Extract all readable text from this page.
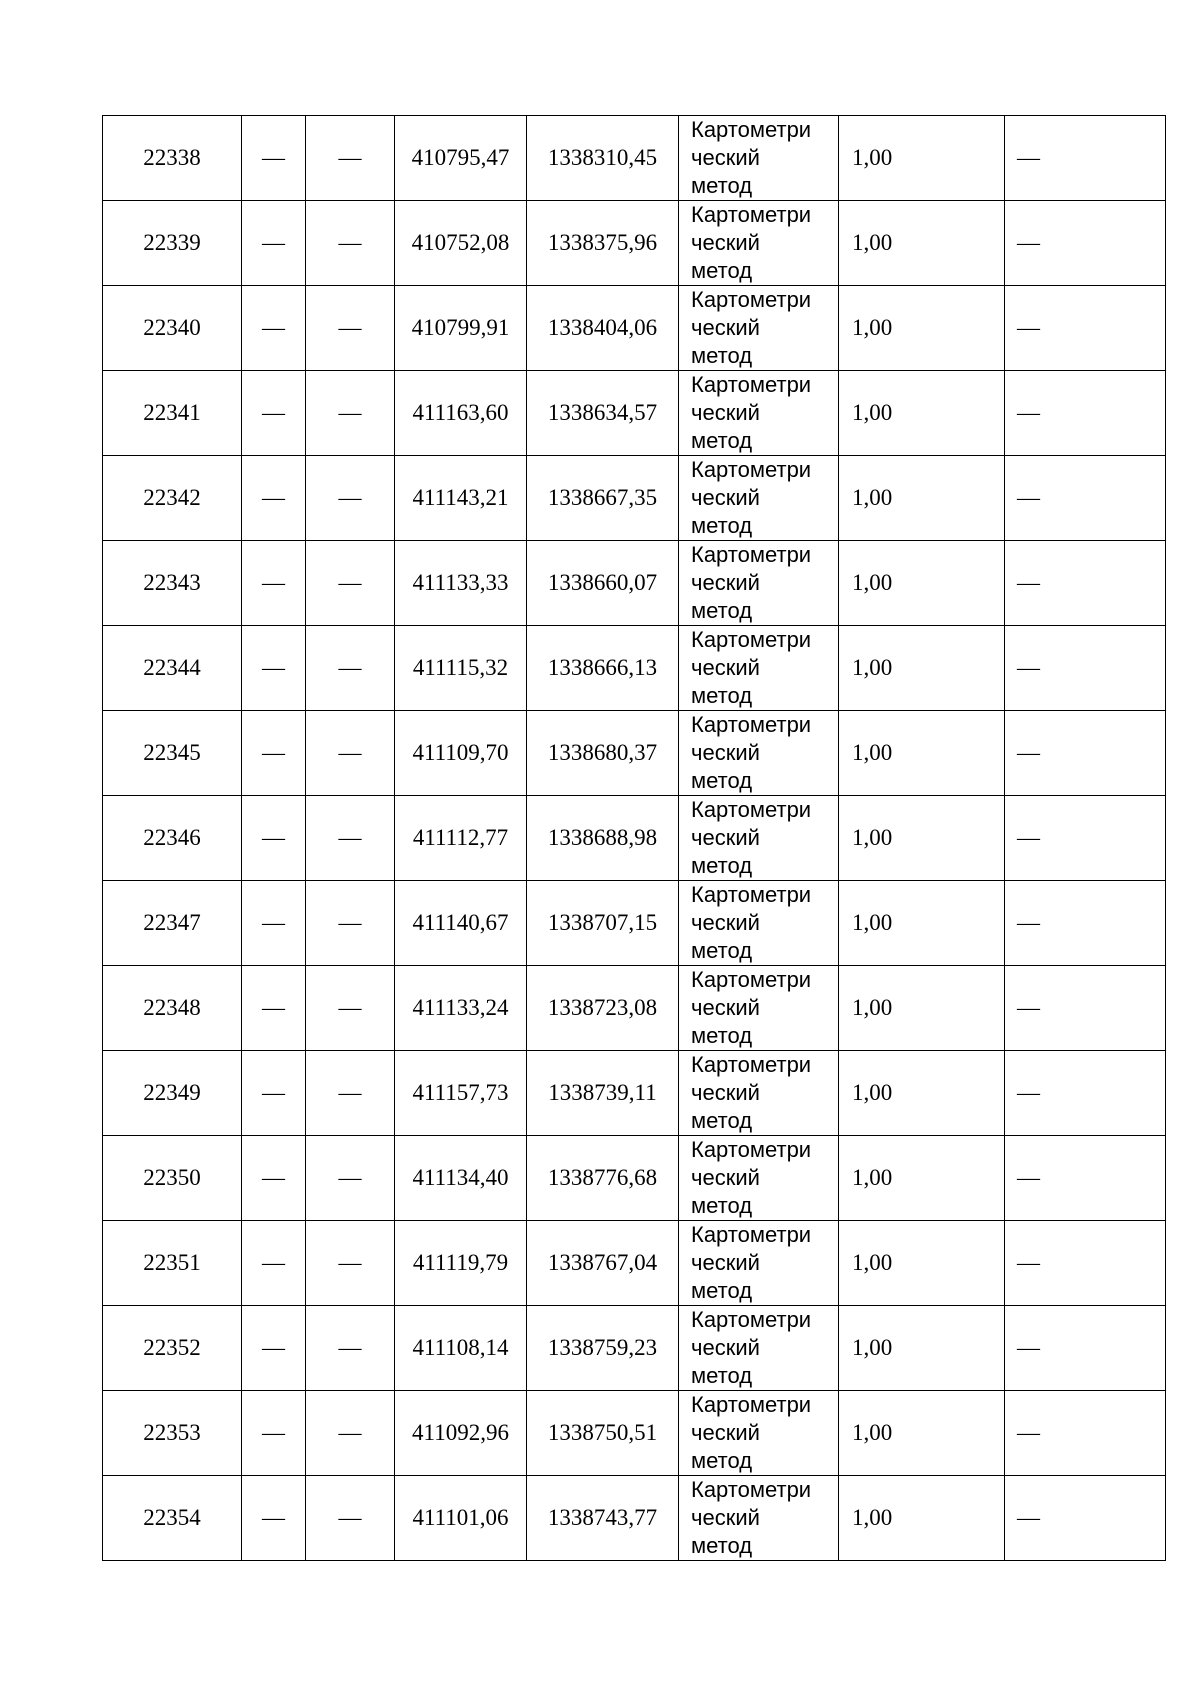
22338	—	—	410795,47	1338310,45	Картометри
ческий
метод	1,00	—
22339	—	—	410752,08	1338375,96	Картометри
ческий
метод	1,00	—
22340	—	—	410799,91	1338404,06	Картометри
ческий
метод	1,00	—
22341	—	—	411163,60	1338634,57	Картометри
ческий
метод	1,00	—
22342	—	—	411143,21	1338667,35	Картометри
ческий
метод	1,00	—
22343	—	—	411133,33	1338660,07	Картометри
ческий
метод	1,00	—
22344	—	—	411115,32	1338666,13	Картометри
ческий
метод	1,00	—
22345	—	—	411109,70	1338680,37	Картометри
ческий
метод	1,00	—
22346	—	—	411112,77	1338688,98	Картометри
ческий
метод	1,00	—
22347	—	—	411140,67	1338707,15	Картометри
ческий
метод	1,00	—
22348	—	—	411133,24	1338723,08	Картометри
ческий
метод	1,00	—
22349	—	—	411157,73	1338739,11	Картометри
ческий
метод	1,00	—
22350	—	—	411134,40	1338776,68	Картометри
ческий
метод	1,00	—
22351	—	—	411119,79	1338767,04	Картометри
ческий
метод	1,00	—
22352	—	—	411108,14	1338759,23	Картометри
ческий
метод	1,00	—
22353	—	—	411092,96	1338750,51	Картометри
ческий
метод	1,00	—
22354	—	—	411101,06	1338743,77	Картометри
ческий
метод	1,00	—
